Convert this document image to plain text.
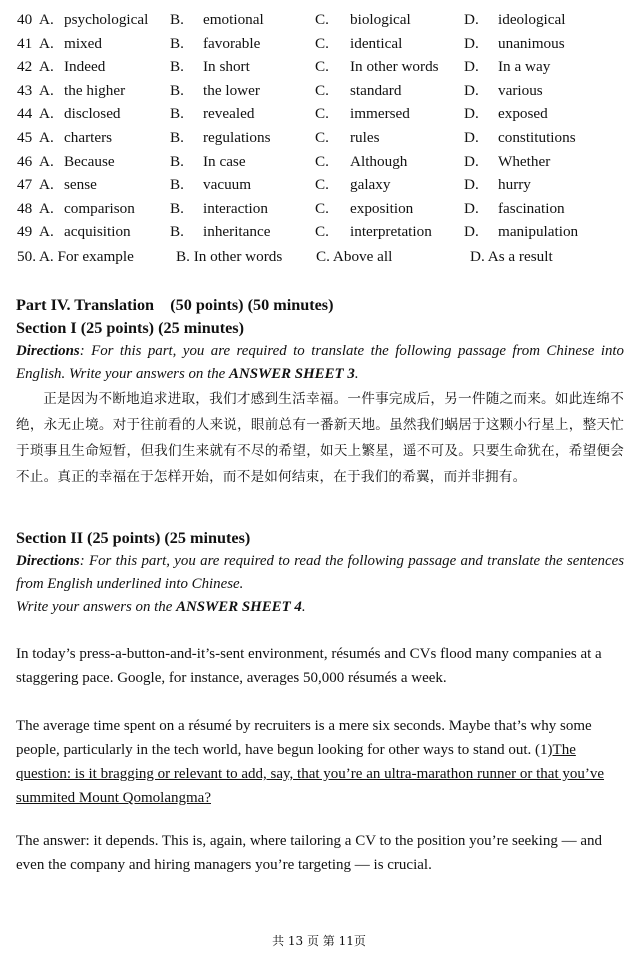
40 A. psychological B. emotional	C. biological	D. ideological
41 A. mixed	B. favorable	C. identical	D. unanimous
42 A. Indeed	B. In short	C. In other words D. In a way
43 A. the higher	B. the lower	C. standard	D. various
44 A. disclosed	B. revealed	C. immersed	D. exposed
45 A. charters	B. regulations	C. rules	D. constitutions
46 A. Because	B. In case	C. Although	D. Whether
47 A. sense	B. vacuum	C. galaxy	D. hurry
48 A. comparison B. interaction	C. exposition	D. fascination
49 A. acquisition	B. inheritance	C. interpretation D. manipulation
50. A. For example	B. In other words C. Above all	D. As a result

Part IV. Translation    (50 points) (50 minutes)

Section I (25 points) (25 minutes)

Directions: For this part, you are required to translate the following passage from Chinese into English. Write your answers on the ANSWER SHEET 3.

正是因为不断地追求进取，我们才感到生活幸福。一件事完成后，另一件随之而来。如此连绵不绝，永无止境。对于往前看的人来说，眼前总有一番新天地。虽然我们蜗居于这颗小行星上，整天忙于琐事且生命短暂，但我们生来就有不尽的希望，如天上繁星，遥不可及。只要生命犹在，希望便会不止。真正的幸福在于怎样开始，而不是如何结束，在于我们的希翼，而并非拥有。

Section II (25 points) (25 minutes)

Directions: For this part, you are required to read the following passage and translate the sentences from English underlined into Chinese.
Write your answers on the ANSWER SHEET 4.

In today’s press-a-button-and-it’s-sent environment, résumés and CVs flood many companies at a staggering pace. Google, for instance, averages 50,000 résumés a week.

The average time spent on a résumé by recruiters is a mere six seconds. Maybe that’s why some people, particularly in the tech world, have begun looking for other ways to stand out. (1)The question: is it bragging or relevant to add, say, that you’re an ultra-marathon runner or that you’ve summited Mount Qomolangma?

The answer: it depends. This is, again, where tailoring a CV to the position you’re seeking — and even the company and hiring managers you’re targeting — is crucial.

共 13 页 第 11页
